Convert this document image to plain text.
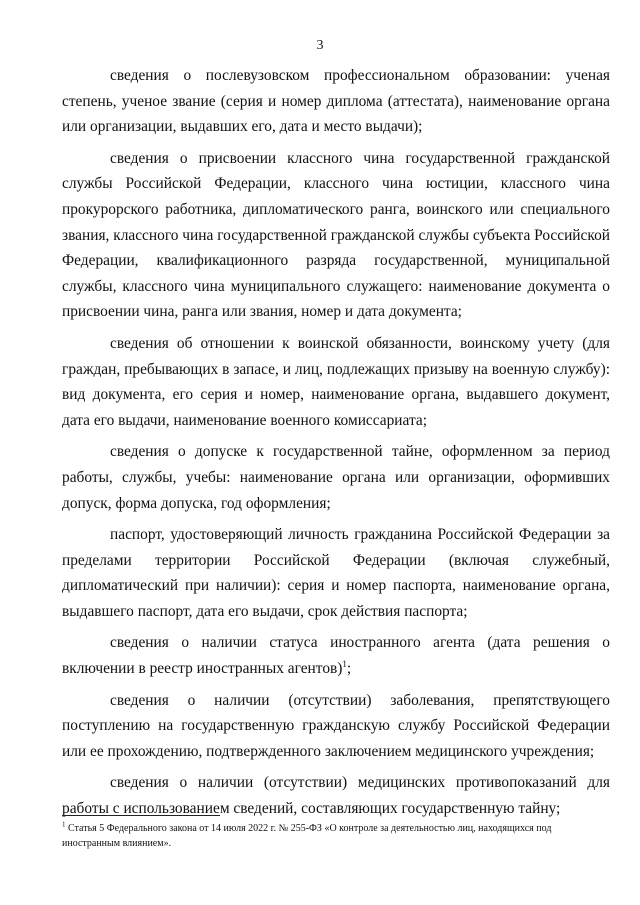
3

сведения о послевузовском профессиональном образовании: ученая степень, ученое звание (серия и номер диплома (аттестата), наименование органа или организации, выдавших его, дата и место выдачи);

сведения о присвоении классного чина государственной гражданской службы Российской Федерации, классного чина юстиции, классного чина прокурорского работника, дипломатического ранга, воинского или специального звания, классного чина государственной гражданской службы субъекта Российской Федерации, квалификационного разряда государственной, муниципальной службы, классного чина муниципального служащего: наименование документа о присвоении чина, ранга или звания, номер и дата документа;

сведения об отношении к воинской обязанности, воинскому учету (для граждан, пребывающих в запасе, и лиц, подлежащих призыву на военную службу): вид документа, его серия и номер, наименование органа, выдавшего документ, дата его выдачи, наименование военного комиссариата;

сведения о допуске к государственной тайне, оформленном за период работы, службы, учебы: наименование органа или организации, оформивших допуск, форма допуска, год оформления;

паспорт, удостоверяющий личность гражданина Российской Федерации за пределами территории Российской Федерации (включая служебный, дипломатический при наличии): серия и номер паспорта, наименование органа, выдавшего паспорт, дата его выдачи, срок действия паспорта;

сведения о наличии статуса иностранного агента (дата решения о включении в реестр иностранных агентов)$^1$;

сведения о наличии (отсутствии) заболевания, препятствующего поступлению на государственную гражданскую службу Российской Федерации или ее прохождению, подтвержденного заключением медицинского учреждения;

сведения о наличии (отсутствии) медицинских противопоказаний для работы с использованием сведений, составляющих государственную тайну;

$^1$ Статья 5 Федерального закона от 14 июля 2022 г. № 255-ФЗ «О контроле за деятельностью лиц, находящихся под иностранным влиянием».
